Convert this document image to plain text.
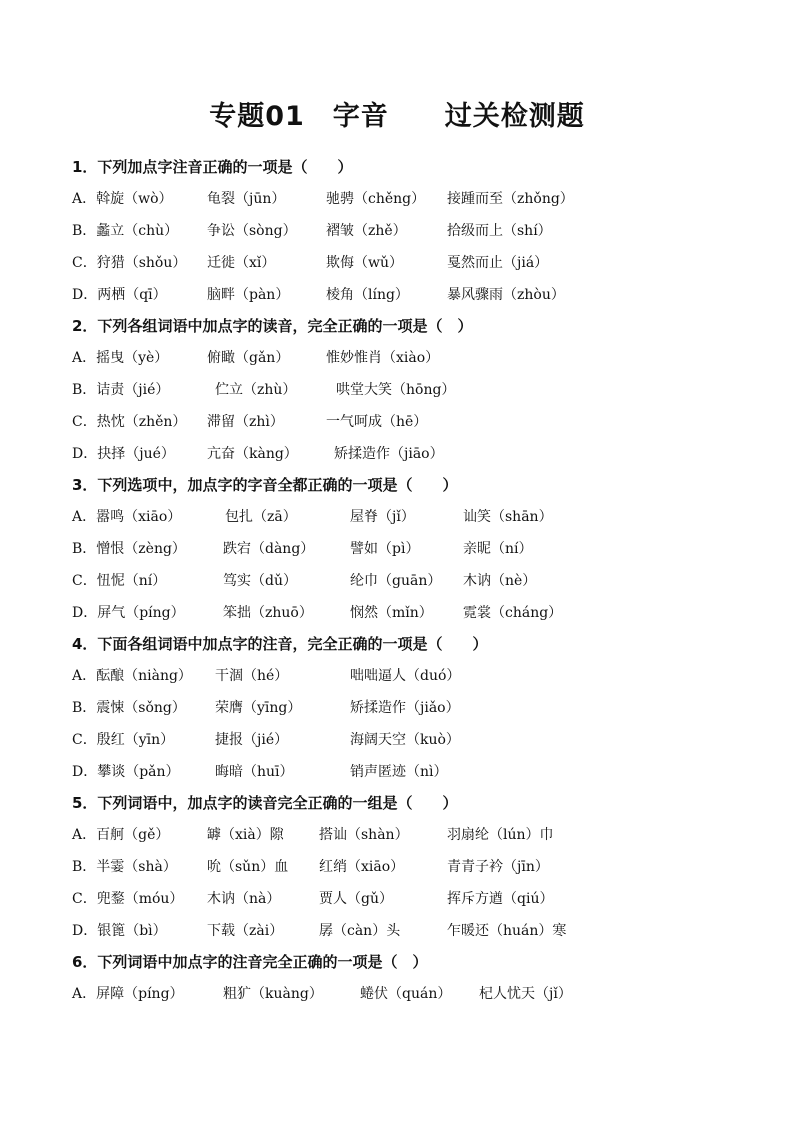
专题01　字音　　过关检测题
1．下列加点字注音正确的一项是（　　）
A．斡旋（wò） 龟裂（jūn）	驰骋（chěng） 接踵而至（zhǒng）
B．蠡立（chù） 争讼（sòng） 褶皱（zhě）	拾级而上（shí）
C．狩猎（shǒu） 迁徙（xǐ）	欺侮（wǔ）	戛然而止（jiá）
D．两栖（qī）	脑畔（pàn）	棱角（líng）	暴风骤雨（zhòu）
2．下列各组词语中加点字的读音，完全正确的一项是（　）
A．摇曳（yè）	俯瞰（gǎn）	惟妙惟肖（xiào）
B．诘责（jié）	伫立（zhù）	哄堂大笑（hōng）
C．热忱（zhěn） 滞留（zhì）	一气呵成（hē）
D．抉择（jué） 亢奋（kàng）	矫揉造作（jiāo）
3．下列选项中，加点字的字音全都正确的一项是（　　）
A．嚣鸣（xiāo）	包扎（zā）	屋脊（jǐ）	讪笑（shān）
B．憎恨（zèng）	跌宕（dàng）	譬如（pì）	亲昵（ní）
C．忸怩（ní）	笃实（dǔ）	纶巾（guān） 木讷（nè）
D．屏气（píng）	笨拙（zhuō）	悯然（mǐn） 霓裳（cháng）
4．下面各组词语中加点字的注音，完全正确的一项是（　　）
A．酝酿（niàng） 干涸（hé）	咄咄逼人（duó）
B．震悚（sǒng） 荣膺（yīng）	矫揉造作（jiǎo）
C．殷红（yīn）	捷报（jié）	海阔天空（kuò）
D．攀谈（pǎn）	晦暗（huī）	销声匿迹（nì）
5．下列词语中，加点字的读音完全正确的一组是（　　）
A．百舸（gě）	罅（xià）隙	搭讪（shàn）	羽扇纶（lún）巾
B．半霎（shà） 吮（sǔn）血 红绡（xiāo）	青青子衿（jīn）
C．兜鍪（móu） 木讷（nà）	贾人（gǔ）	挥斥方遒（qiú）
D．银篦（bì）	下载（zài）	孱（càn）头	乍暖还（huán）寒
6．下列词语中加点字的注音完全正确的一项是（　）
A．屏障（píng）	粗犷（kuàng）	蜷伏（quán） 杞人忧天（jǐ）
